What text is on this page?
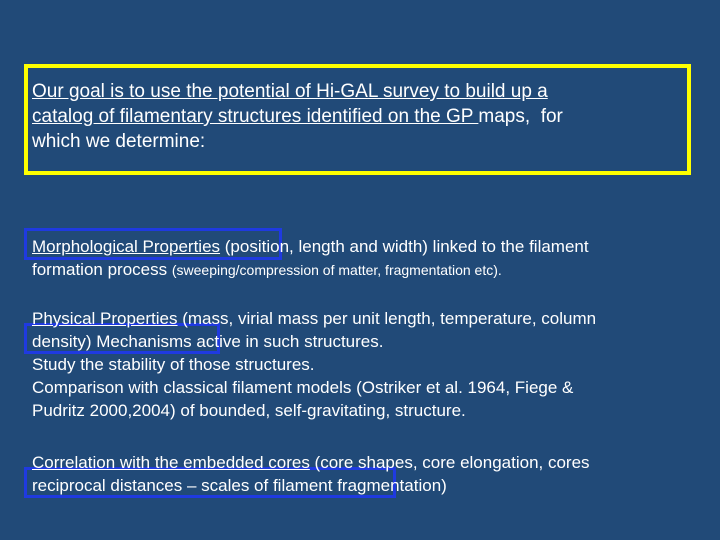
Our goal is to use the potential of Hi-GAL survey to build up a
catalog of filamentary structures identified on the GP maps,  for
which we determine:
Morphological Properties (position, length and width) linked to the filament
formation process (sweeping/compression of matter, fragmentation etc).
Physical Properties (mass, virial mass per unit length, temperature, column
density) Mechanisms active in such structures.
Study the stability of those structures.
Comparison with classical filament models (Ostriker et al. 1964, Fiege &
Pudritz 2000,2004) of bounded, self-gravitating, structure.
Correlation with the embedded cores (core shapes, core elongation, cores
reciprocal distances – scales of filament fragmentation)
